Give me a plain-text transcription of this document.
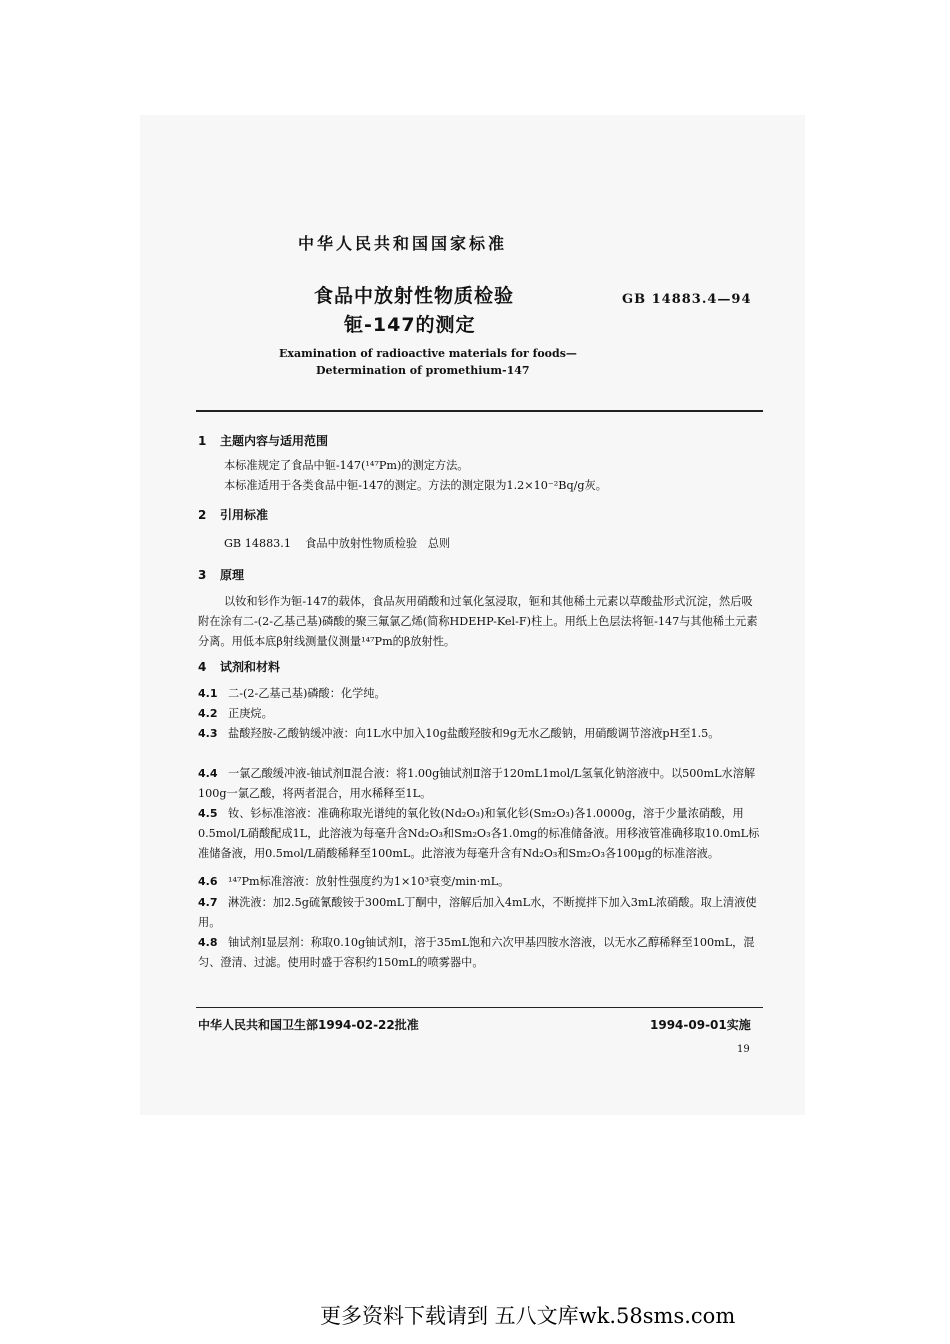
中华人民共和国国家标准
食品中放射性物质检验
钷-147的测定
GB 14883.4—94
Examination of radioactive materials for foods—
Determination of promethium-147
1 主题内容与适用范围
本标准规定了食品中钷-147(¹⁴⁷Pm)的测定方法。
本标准适用于各类食品中钷-147的测定。方法的测定限为1.2×10⁻²Bq/g灰。
2 引用标准
GB 14883.1    食品中放射性物质检验   总则
3 原理
以钕和钐作为钷-147的载体，食品灰用硝酸和过氧化氢浸取，钷和其他稀土元素以草酸盐形式沉淀，然后吸附在涂有二-(2-乙基己基)磷酸的聚三氟氯乙烯(简称HDEHP-Kel-F)柱上。用纸上色层法将钷-147与其他稀土元素分离。用低本底β射线测量仪测量¹⁴⁷Pm的β放射性。
4 试剂和材料
4.1 二-(2-乙基己基)磷酸：化学纯。
4.2 正庚烷。
4.3 盐酸羟胺-乙酸钠缓冲液：向1L水中加入10g盐酸羟胺和9g无水乙酸钠，用硝酸调节溶液pH至1.5。
4.4 一氯乙酸缓冲液-铀试剂Ⅱ混合液：将1.00g铀试剂Ⅱ溶于120mL1mol/L氢氧化钠溶液中。以500mL水溶解100g一氯乙酸，将两者混合，用水稀释至1L。
4.5 钕、钐标准溶液：准确称取光谱纯的氧化钕(Nd₂O₃)和氧化钐(Sm₂O₃)各1.0000g，溶于少量浓硝酸，用0.5mol/L硝酸配成1L，此溶液为每毫升含Nd₂O₃和Sm₂O₃各1.0mg的标准储备液。用移液管准确移取10.0mL标准储备液，用0.5mol/L硝酸稀释至100mL。此溶液为每毫升含有Nd₂O₃和Sm₂O₃各100μg的标准溶液。
4.6 ¹⁴⁷Pm标准溶液：放射性强度约为1×10³衰变/min·mL。
4.7 淋洗液：加2.5g硫氰酸铵于300mL丁酮中，溶解后加入4mL水，不断搅拌下加入3mL浓硝酸。取上清液使用。
4.8 铀试剂Ⅰ显层剂：称取0.10g铀试剂Ⅰ，溶于35mL饱和六次甲基四胺水溶液，以无水乙醇稀释至100mL，混匀、澄清、过滤。使用时盛于容积约150mL的喷雾器中。
中华人民共和国卫生部1994-02-22批准	1994-09-01实施
19
更多资料下载请到 五八文库wk.58sms.com
